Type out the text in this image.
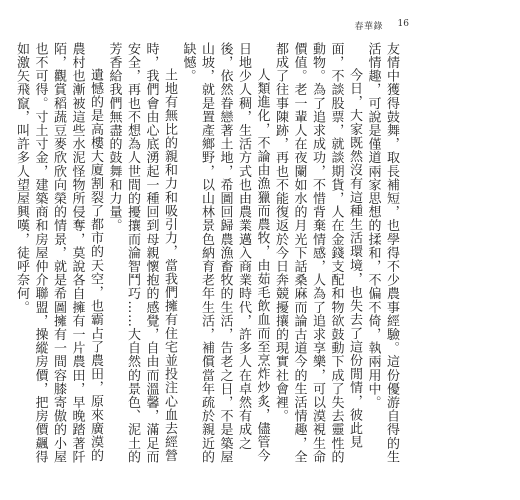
春華錄 16

友情中獲得鼓舞，取長補短，也學得不少農事經驗。這份優游自得的生活情趣，可說是僅道兩家思想的揉和，不偏不倚，執兩用中。

今日，大家既然沒有這種生活環境，也失去了這份閒情，彼此見面，不談股票，就談期貨，人在金錢支配和物欲鼓動下成了失去靈性的動物。為了追求成功，不惜背棄情感，人為了追求享樂，可以漠視生命價值。老一輩人在夜闌如水的月光下話桑麻而論古道今的生活情趣，全都成了往事陳跡，再也不能復返於今日奔競擾攘的現實社會裡。

人類進化，不論由漁獵而農牧，由茹毛飲血而至烹炸炒炙，儘管今日地少人稠，生活方式也由農業邁入商業時代，許多人在卓然有成之後，依然眷戀著土地，希圖回歸農漁畜牧的生活，告老之日，不是築屋山坡，就是置產鄉野，以山林景色納育老年生活，補償當年疏於親近的缺憾。

土地有無比的親和力和吸引力，當我們擁有住宅並投注心血去經營時，我們會由心底湧起一種回到母親懷抱的感覺，自由而溫馨，滿足而安全，再也不想為人世間的擾攘而淪智鬥巧……大自然的景色、泥土的芳香給我們無盡的鼓舞和力量。

遺憾的是高樓大廈割裂了都市的天空，也霸占了農田，原來廣漠的農村也漸被這些水泥怪物所侵奪，莫說各自擁有一片農田，早晚踏著阡陌，觀賞稻蔬豆麥欣欣向榮的情景，就是希圖擁有一間容膝寄傲的小屋也不可得。寸土寸金，建築商和房屋仲介聯盟，操縱房價，把房價飆得如激矢飛竄，叫許多人望屋興嘆，徒呼奈何。
